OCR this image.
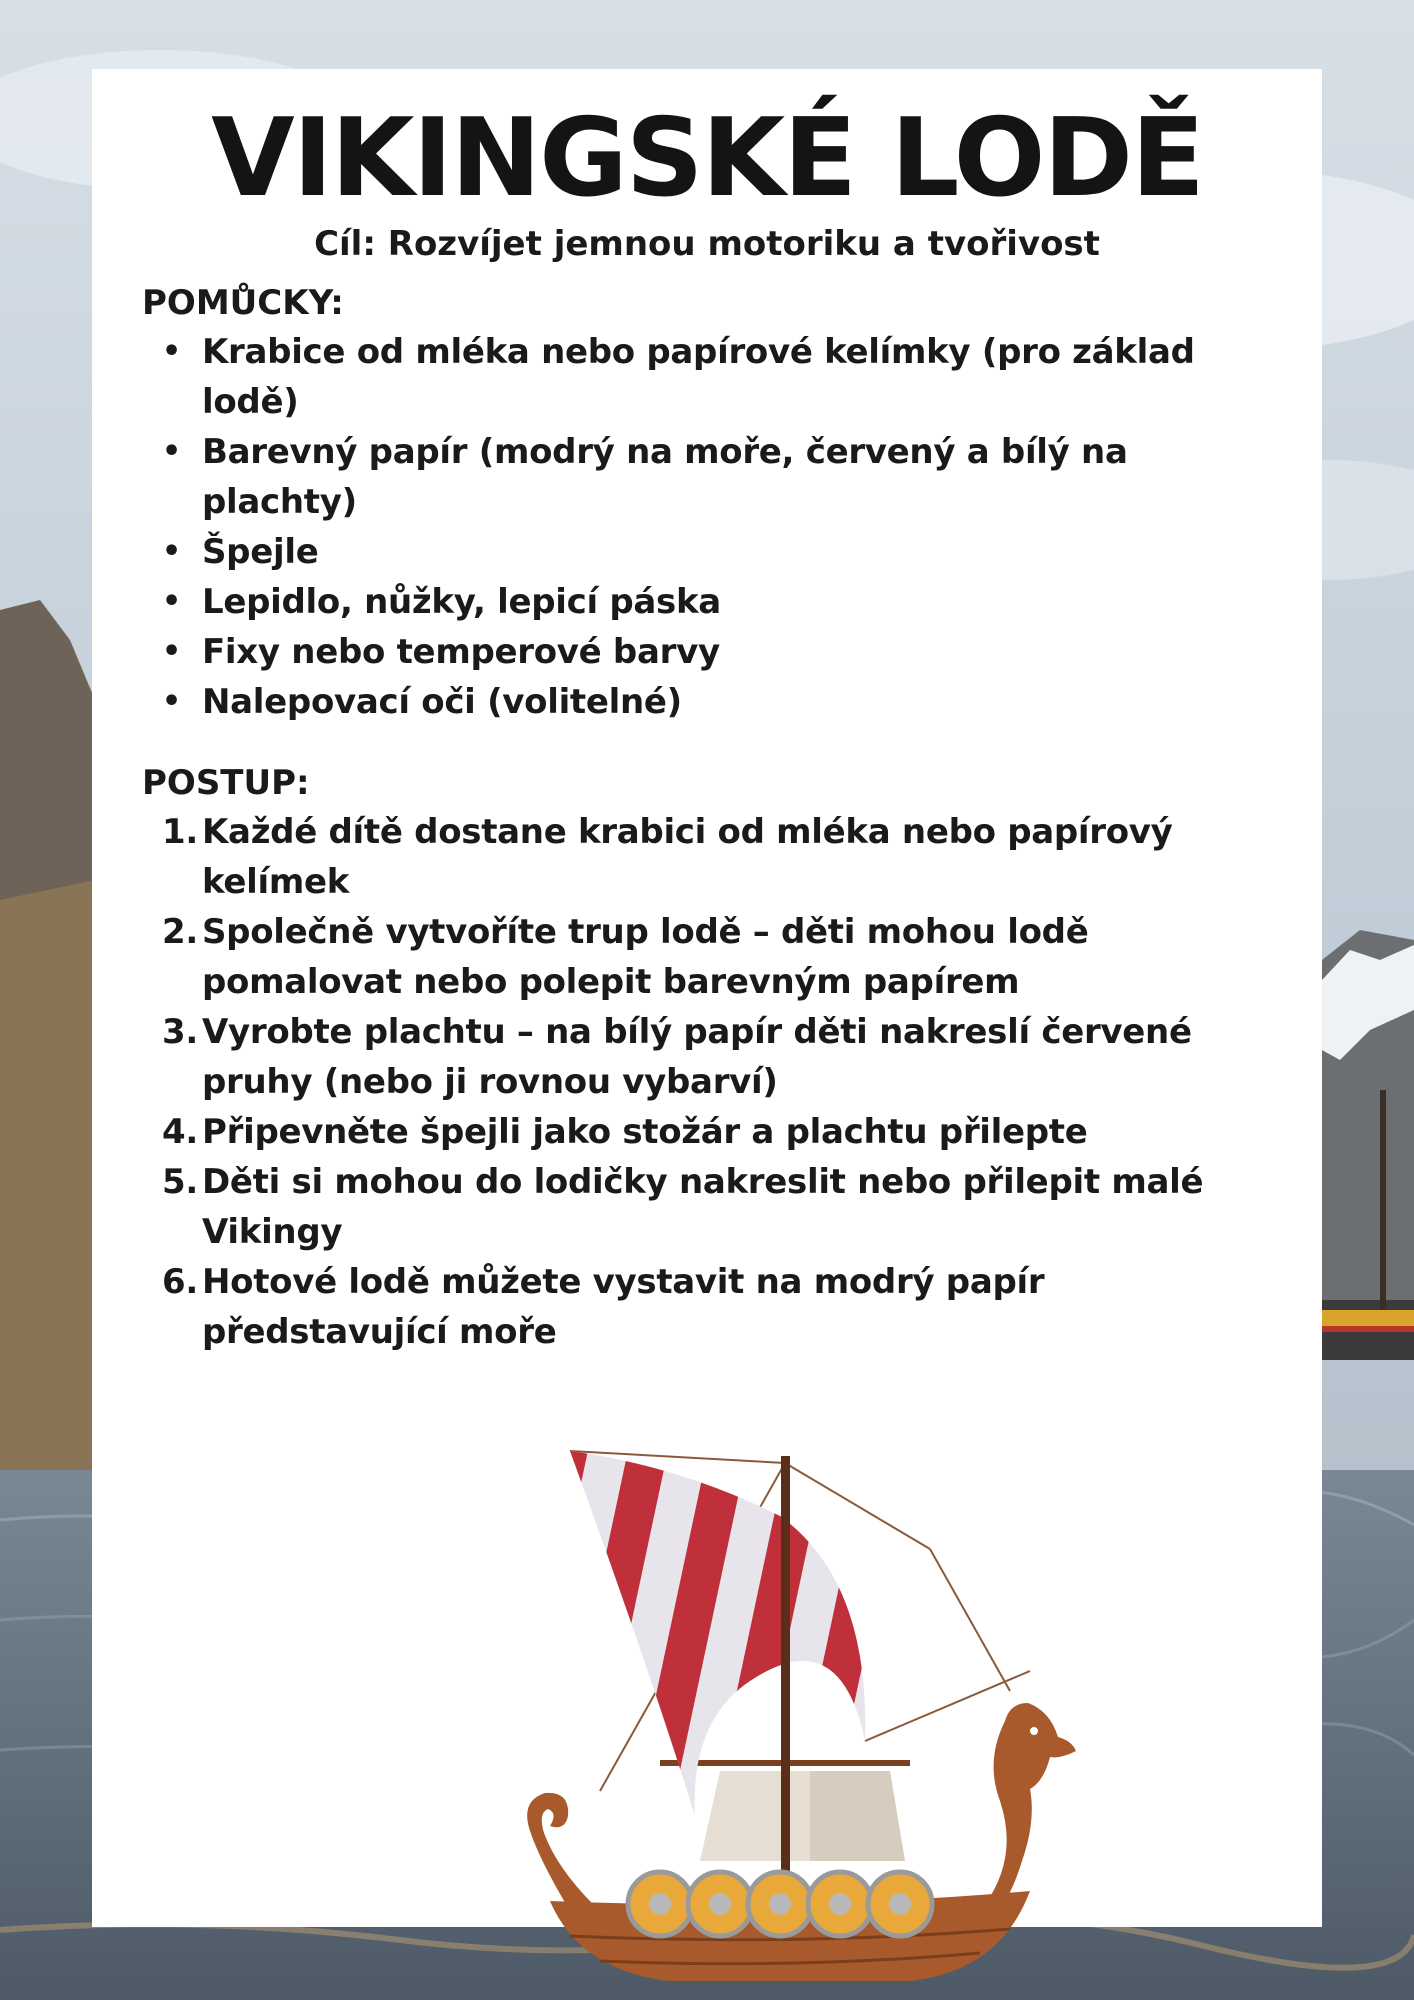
VIKINGSKÉ LODĚ

Cíl: Rozvíjet jemnou motoriku a tvořivost

POMŮCKY:

• Krabice od mléka nebo papírové kelímky (pro základ lodě)
• Barevný papír (modrý na moře, červený a bílý na plachty)
• Špejle
• Lepidlo, nůžky, lepicí páska
• Fixy nebo temperové barvy
• Nalepovací oči (volitelné)

POSTUP:

1. Každé dítě dostane krabici od mléka nebo papírový kelímek
2. Společně vytvoříte trup lodě – děti mohou lodě pomalovat nebo polepit barevným papírem
3. Vyrobte plachtu – na bílý papír děti nakreslí červené pruhy (nebo ji rovnou vybarví)
4. Připevněte špejli jako stožár a plachtu přilepte
5. Děti si mohou do lodičky nakreslit nebo přilepit malé Vikingy
6. Hotové lodě můžete vystavit na modrý papír představující moře
